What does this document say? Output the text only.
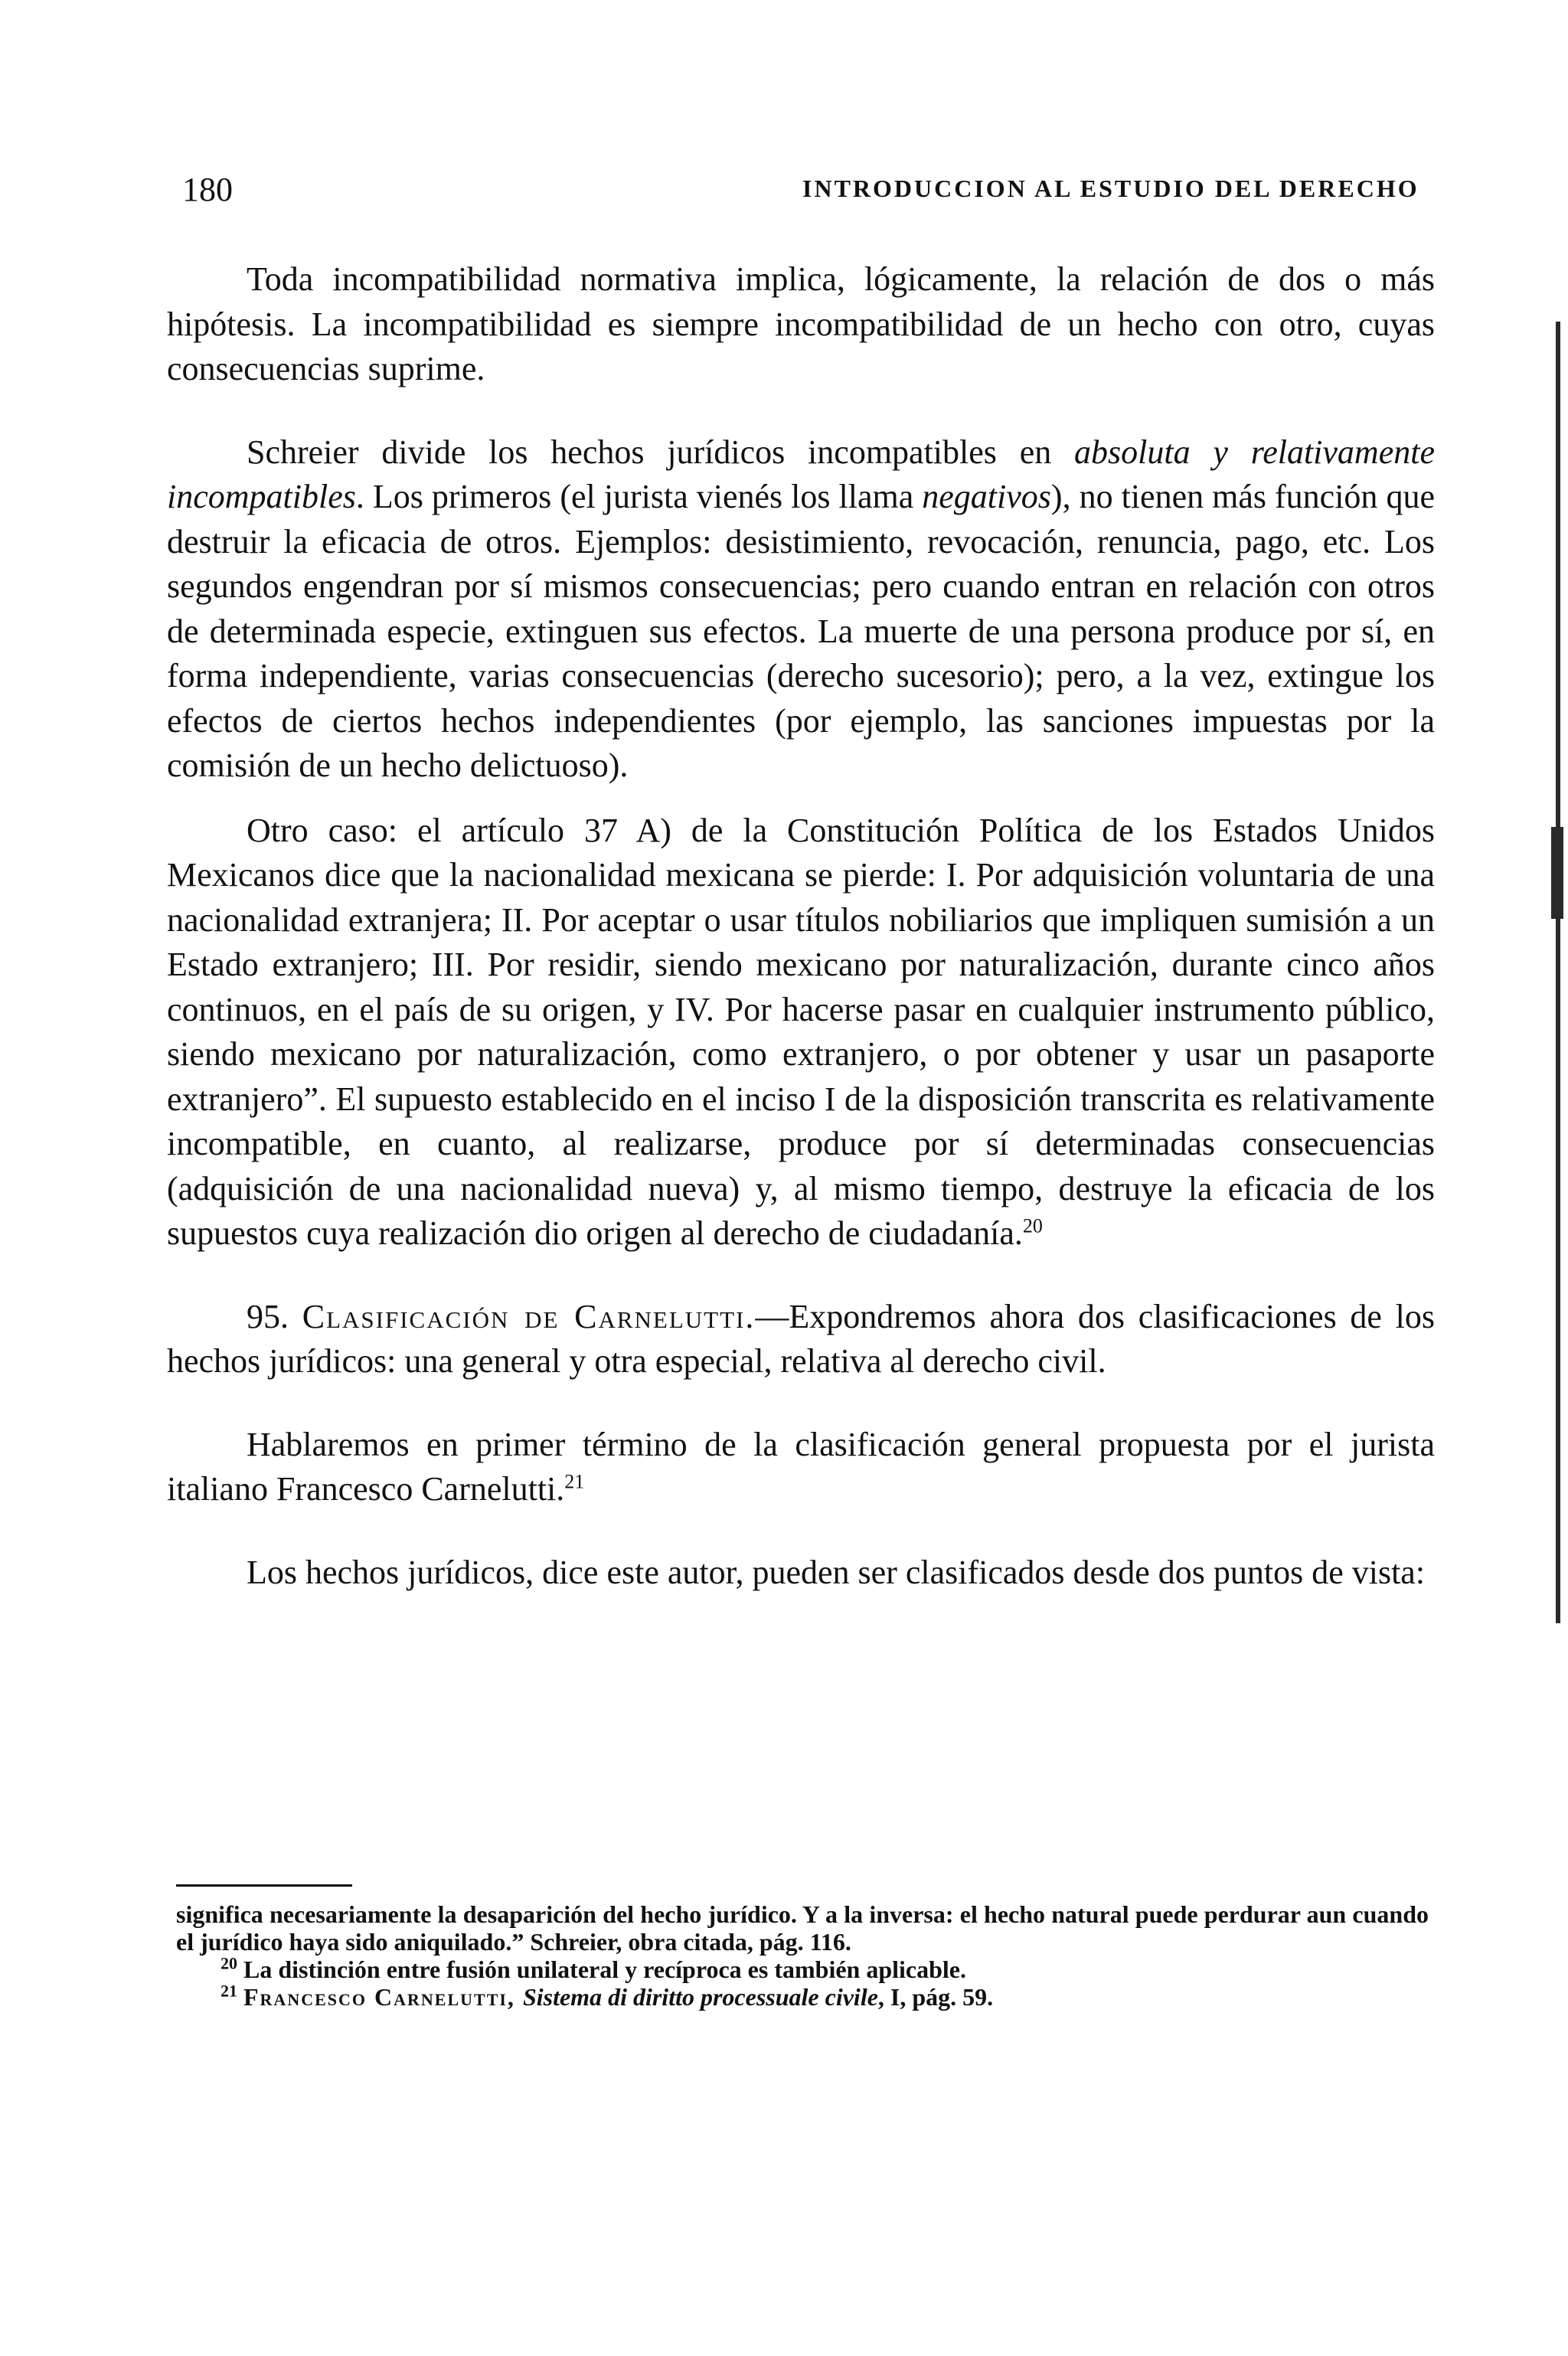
180	INTRODUCCION AL ESTUDIO DEL DERECHO

Toda incompatibilidad normativa implica, lógicamente, la relación de dos o más hipótesis. La incompatibilidad es siempre incompatibilidad de un hecho con otro, cuyas consecuencias suprime.

Schreier divide los hechos jurídicos incompatibles en absoluta y relativamente incompatibles. Los primeros (el jurista vienés los llama negativos), no tienen más función que destruir la eficacia de otros. Ejemplos: desistimiento, revocación, renuncia, pago, etc. Los segundos engendran por sí mismos consecuencias; pero cuando entran en relación con otros de determinada especie, extinguen sus efectos. La muerte de una persona produce por sí, en forma independiente, varias consecuencias (derecho sucesorio); pero, a la vez, extingue los efectos de ciertos hechos independientes (por ejemplo, las sanciones impuestas por la comisión de un hecho delictuoso).

Otro caso: el artículo 37 A) de la Constitución Política de los Estados Unidos Mexicanos dice que la nacionalidad mexicana se pierde: I. Por adquisición voluntaria de una nacionalidad extranjera; II. Por aceptar o usar títulos nobiliarios que impliquen sumisión a un Estado extranjero; III. Por residir, siendo mexicano por naturalización, durante cinco años continuos, en el país de su origen, y IV. Por hacerse pasar en cualquier instrumento público, siendo mexicano por naturalización, como extranjero, o por obtener y usar un pasaporte extranjero”. El supuesto establecido en el inciso I de la disposición transcrita es relativamente incompatible, en cuanto, al realizarse, produce por sí determinadas consecuencias (adquisición de una nacionalidad nueva) y, al mismo tiempo, destruye la eficacia de los supuestos cuya realización dio origen al derecho de ciudadanía.$^{20}$

95. Clasificación de Carnelutti.—Expondremos ahora dos clasificaciones de los hechos jurídicos: una general y otra especial, relativa al derecho civil.

Hablaremos en primer término de la clasificación general propuesta por el jurista italiano Francesco Carnelutti.$^{21}$

Los hechos jurídicos, dice este autor, pueden ser clasificados desde dos puntos de vista:

significa necesariamente la desaparición del hecho jurídico. Y a la inversa: el hecho natural puede perdurar aun cuando el jurídico haya sido aniquilado.” Schreier, obra citada, pág. 116.

$^{20}$ La distinción entre fusión unilateral y recíproca es también aplicable.

$^{21}$ Francesco Carnelutti, Sistema di diritto processuale civile, I, pág. 59.
